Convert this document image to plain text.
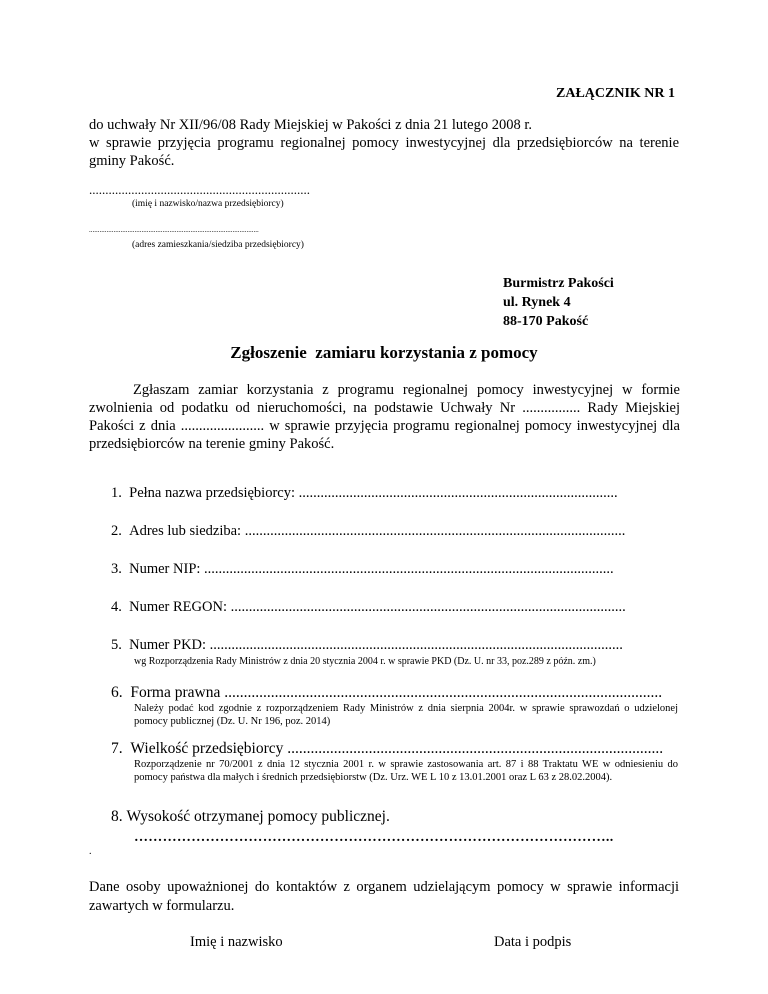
ZAŁĄCZNIK NR 1
do uchwały Nr XII/96/08 Rady Miejskiej w Pakości z dnia 21 lutego 2008 r.
w sprawie przyjęcia programu regionalnej pomocy inwestycyjnej dla przedsiębiorców na terenie gminy Pakość.
....................................................................
(imię i nazwisko/nazwa przedsiębiorcy)
.................................................................................................
(adres zamieszkania/siedziba przedsiębiorcy)
Burmistrz Pakości
ul. Rynek 4
88-170 Pakość
Zgłoszenie  zamiaru korzystania z pomocy
Zgłaszam zamiar korzystania z programu regionalnej pomocy inwestycyjnej w formie zwolnienia od podatku od nieruchomości, na podstawie Uchwały Nr ................ Rady Miejskiej Pakości z dnia ....................... w sprawie przyjęcia programu regionalnej pomocy inwestycyjnej dla przedsiębiorców na terenie gminy Pakość.
1. Pełna nazwa przedsiębiorcy: ........................................................................................
2. Adres lub siedziba: .........................................................................................................
3. Numer NIP: .................................................................................................................
4. Numer REGON: .............................................................................................................
5. Numer PKD: ..................................................................................................................
wg Rozporządzenia Rady Ministrów z dnia 20 stycznia 2004 r. w sprawie PKD (Dz. U. nr 33, poz.289 z późn. zm.)
6. Forma prawna .................................................................................................................
Należy podać kod zgodnie z rozporządzeniem Rady Ministrów z dnia sierpnia 2004r. w sprawie sprawozdań o udzielonej pomocy publicznej (Dz. U. Nr 196, poz. 2014)
7. Wielkość przedsiębiorcy .................................................................................................
Rozporządzenie nr 70/2001 z dnia 12 stycznia 2001 r. w sprawie zastosowania art. 87 i 88 Traktatu WE w odniesieniu do pomocy państwa dla małych i średnich przedsiębiorstw (Dz. Urz. WE L 10 z 13.01.2001 oraz L 63 z 28.02.2004).
8. Wysokość otrzymanej pomocy publicznej.
………………………………………………………………………………………..
.
Dane osoby upoważnionej do kontaktów z organem udzielającym pomocy w sprawie informacji zawartych w formularzu.
Imię i nazwisko	Data i podpis
